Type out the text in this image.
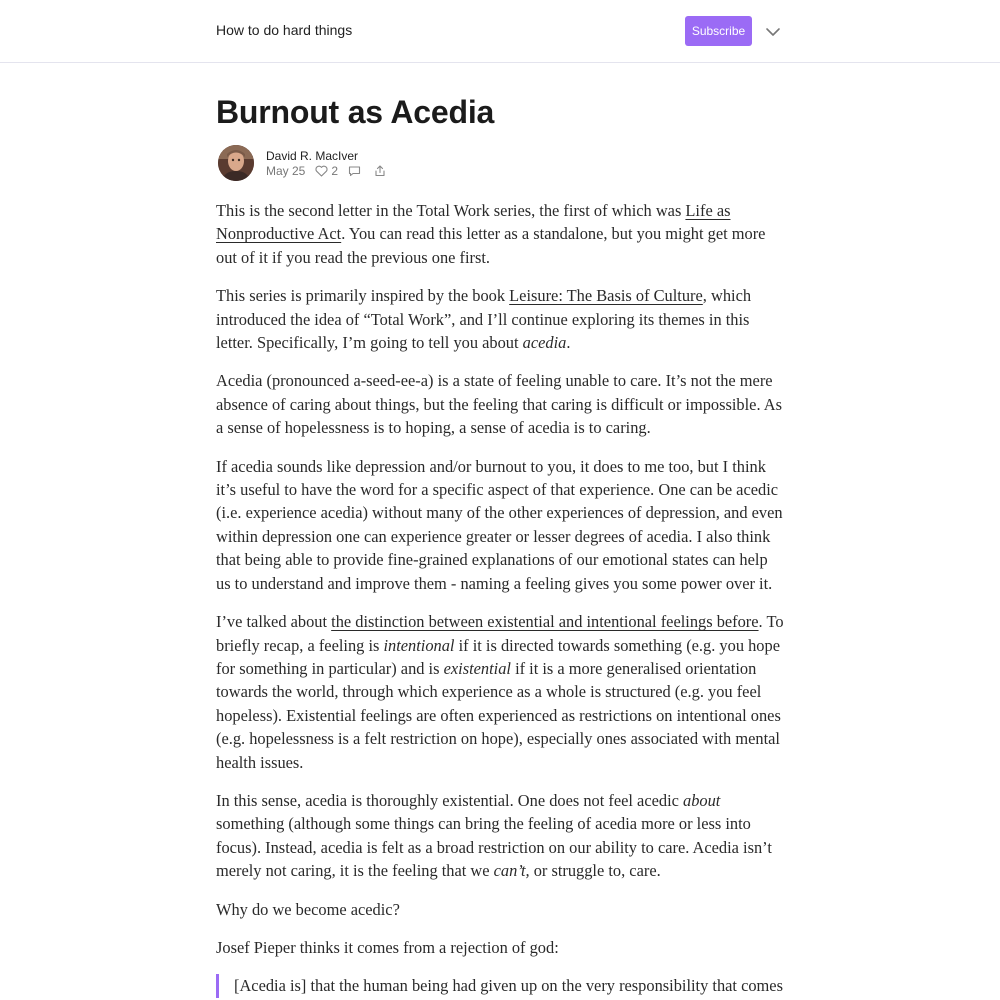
How to do hard things	Subscribe
Burnout as Acedia
David R. MacIver
May 25 2

This is the second letter in the Total Work series, the first of which was Life as Nonproductive Act. You can read this letter as a standalone, but you might get more out of it if you read the previous one first.

This series is primarily inspired by the book Leisure: The Basis of Culture, which introduced the idea of “Total Work”, and I’ll continue exploring its themes in this letter. Specifically, I’m going to tell you about acedia.

Acedia (pronounced a-seed-ee-a) is a state of feeling unable to care. It’s not the mere absence of caring about things, but the feeling that caring is difficult or impossible. As a sense of hopelessness is to hoping, a sense of acedia is to caring.

If acedia sounds like depression and/or burnout to you, it does to me too, but I think it’s useful to have the word for a specific aspect of that experience. One can be acedic (i.e. experience acedia) without many of the other experiences of depression, and even within depression one can experience greater or lesser degrees of acedia. I also think that being able to provide fine-grained explanations of our emotional states can help us to understand and improve them - naming a feeling gives you some power over it.

I’ve talked about the distinction between existential and intentional feelings before. To briefly recap, a feeling is intentional if it is directed towards something (e.g. you hope for something in particular) and is existential if it is a more generalised orientation towards the world, through which experience as a whole is structured (e.g. you feel hopeless). Existential feelings are often experienced as restrictions on intentional ones (e.g. hopelessness is a felt restriction on hope), especially ones associated with mental health issues.

In this sense, acedia is thoroughly existential. One does not feel acedic about something (although some things can bring the feeling of acedia more or less into focus). Instead, acedia is felt as a broad restriction on our ability to care. Acedia isn’t merely not caring, it is the feeling that we can’t, or struggle to, care.

Why do we become acedic?

Josef Pieper thinks it comes from a rejection of god:

[Acedia is] that the human being had given up on the very responsibility that comes
